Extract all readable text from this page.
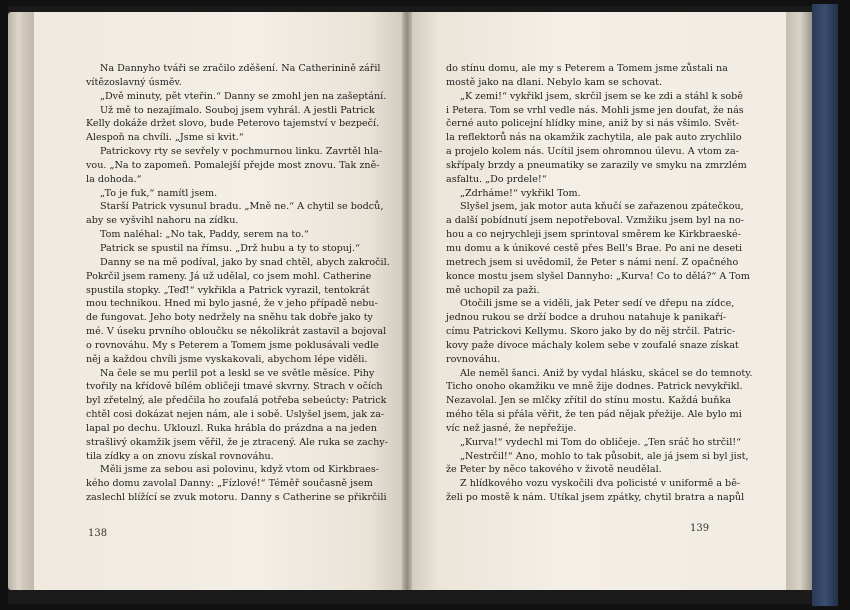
Na Dannyho tváři se zračilo zděšení. Na Catherinině zářil
vítězoslavný úsměv.
„Dvě minuty, pět vteřin.“ Danny se zmohl jen na zašeptání.
Už mě to nezajímalo. Souboj jsem vyhrál. A jestli Patrick
Kelly dokáže držet slovo, bude Peterovo tajemství v bezpečí.
Alespoň na chvíli. „Jsme si kvit.“
Patrickovy rty se sevřely v pochmurnou linku. Zavrtěl hla-
vou. „Na to zapomeň. Pomalejší přejde most znovu. Tak zně-
la dohoda.“
„To je fuk,“ namítl jsem.
Starší Patrick vysunul bradu. „Mně ne.“ A chytil se bodců,
aby se vyšvihl nahoru na zídku.
Tom naléhal: „No tak, Paddy, serem na to.“
Patrick se spustil na římsu. „Drž hubu a ty to stopuj.“
Danny se na mě podíval, jako by snad chtěl, abych zakročil.
Pokrčil jsem rameny. Já už udělal, co jsem mohl. Catherine
spustila stopky. „Teď!“ vykřikla a Patrick vyrazil, tentokrát
mou technikou. Hned mi bylo jasné, že v jeho případě nebu-
de fungovat. Jeho boty nedržely na sněhu tak dobře jako ty
mé. V úseku prvního obloučku se několikrát zastavil a bojoval
o rovnováhu. My s Peterem a Tomem jsme poklusávali vedle
něj a každou chvíli jsme vyskakovali, abychom lépe viděli.
Na čele se mu perlil pot a leskl se ve světle měsíce. Pihy
tvořily na křídově bílém obličeji tmavé skvrny. Strach v očích
byl zřetelný, ale předčila ho zoufalá potřeba sebeúcty: Patrick
chtěl cosi dokázat nejen nám, ale i sobě. Uslyšel jsem, jak za-
lapal po dechu. Uklouzl. Ruka hrábla do prázdna a na jeden
strašlivý okamžik jsem věřil, že je ztracený. Ale ruka se zachy-
tila zídky a on znovu získal rovnováhu.
Měli jsme za sebou asi polovinu, když vtom od Kirkbraes-
kého domu zavolal Danny: „Fízlové!“ Téměř současně jsem
zaslechl blížící se zvuk motoru. Danny s Catherine se přikrčili
do stínu domu, ale my s Peterem a Tomem jsme zůstali na
mostě jako na dlani. Nebylo kam se schovat.
„K zemi!“ vykřikl jsem, skrčil jsem se ke zdi a stáhl k sobě
i Petera. Tom se vrhl vedle nás. Mohli jsme jen doufat, že nás
černé auto policejní hlídky mine, aniž by si nás všimlo. Svět-
la reflektorů nás na okamžik zachytila, ale pak auto zrychlilo
a projelo kolem nás. Ucítil jsem ohromnou úlevu. A vtom za-
skřípaly brzdy a pneumatiky se zarazily ve smyku na zmrzlém
asfaltu. „Do prdele!“
„Zdrháme!“ vykřikl Tom.
Slyšel jsem, jak motor auta kňučí se zařazenou zpátečkou,
a další pobídnutí jsem nepotřeboval. Vzmžiku jsem byl na no-
hou a co nejrychleji jsem sprintoval směrem ke Kirkbraeské-
mu domu a k únikové cestě přes Bell's Brae. Po ani ne deseti
metrech jsem si uvědomil, že Peter s námi není. Z opačného
konce mostu jsem slyšel Dannyho: „Kurva! Co to dělá?“ A Tom
mě uchopil za paži.
Otočili jsme se a viděli, jak Peter sedí ve dřepu na zídce,
jednou rukou se drží bodce a druhou natahuje k panikaří-
címu Patrickovi Kellymu. Skoro jako by do něj strčil. Patric-
kovy paže divoce máchaly kolem sebe v zoufalé snaze získat
rovnováhu.
Ale neměl šanci. Aniž by vydal hlásku, skácel se do temnoty.
Ticho onoho okamžiku ve mně žije dodnes. Patrick nevykřikl.
Nezavolal. Jen se mlčky zřítil do stínu mostu. Každá buňka
mého těla si přála věřit, že ten pád nějak přežije. Ale bylo mi
víc než jasné, že nepřežije.
„Kurva!“ vydechl mi Tom do obličeje. „Ten sráč ho strčil!“
„Nestrčil!“ Ano, mohlo to tak působit, ale já jsem si byl jist,
že Peter by něco takového v životě neudělal.
Z hlídkového vozu vyskočili dva policisté v uniformě a bě-
želi po mostě k nám. Utíkal jsem zpátky, chytil bratra a napůl
138	139
